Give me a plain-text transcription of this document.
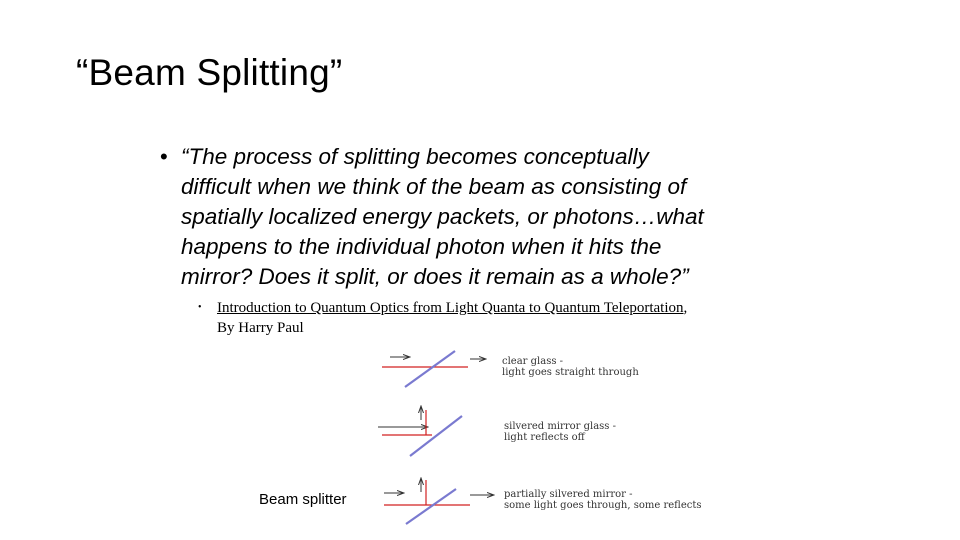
“Beam Splitting”
• “The process of splitting becomes conceptually
difficult when we think of the beam as consisting of
spatially localized energy packets, or photons…what
happens to the individual photon when it hits the
mirror? Does it split, or does it remain as a whole?”
• Introduction to Quantum Optics from Light Quanta to Quantum Teleportation,
By Harry Paul
clear glass -
light goes straight through
silvered mirror glass -
light reflects off
partially silvered mirror -
some light goes through, some reflects
Beam splitter
